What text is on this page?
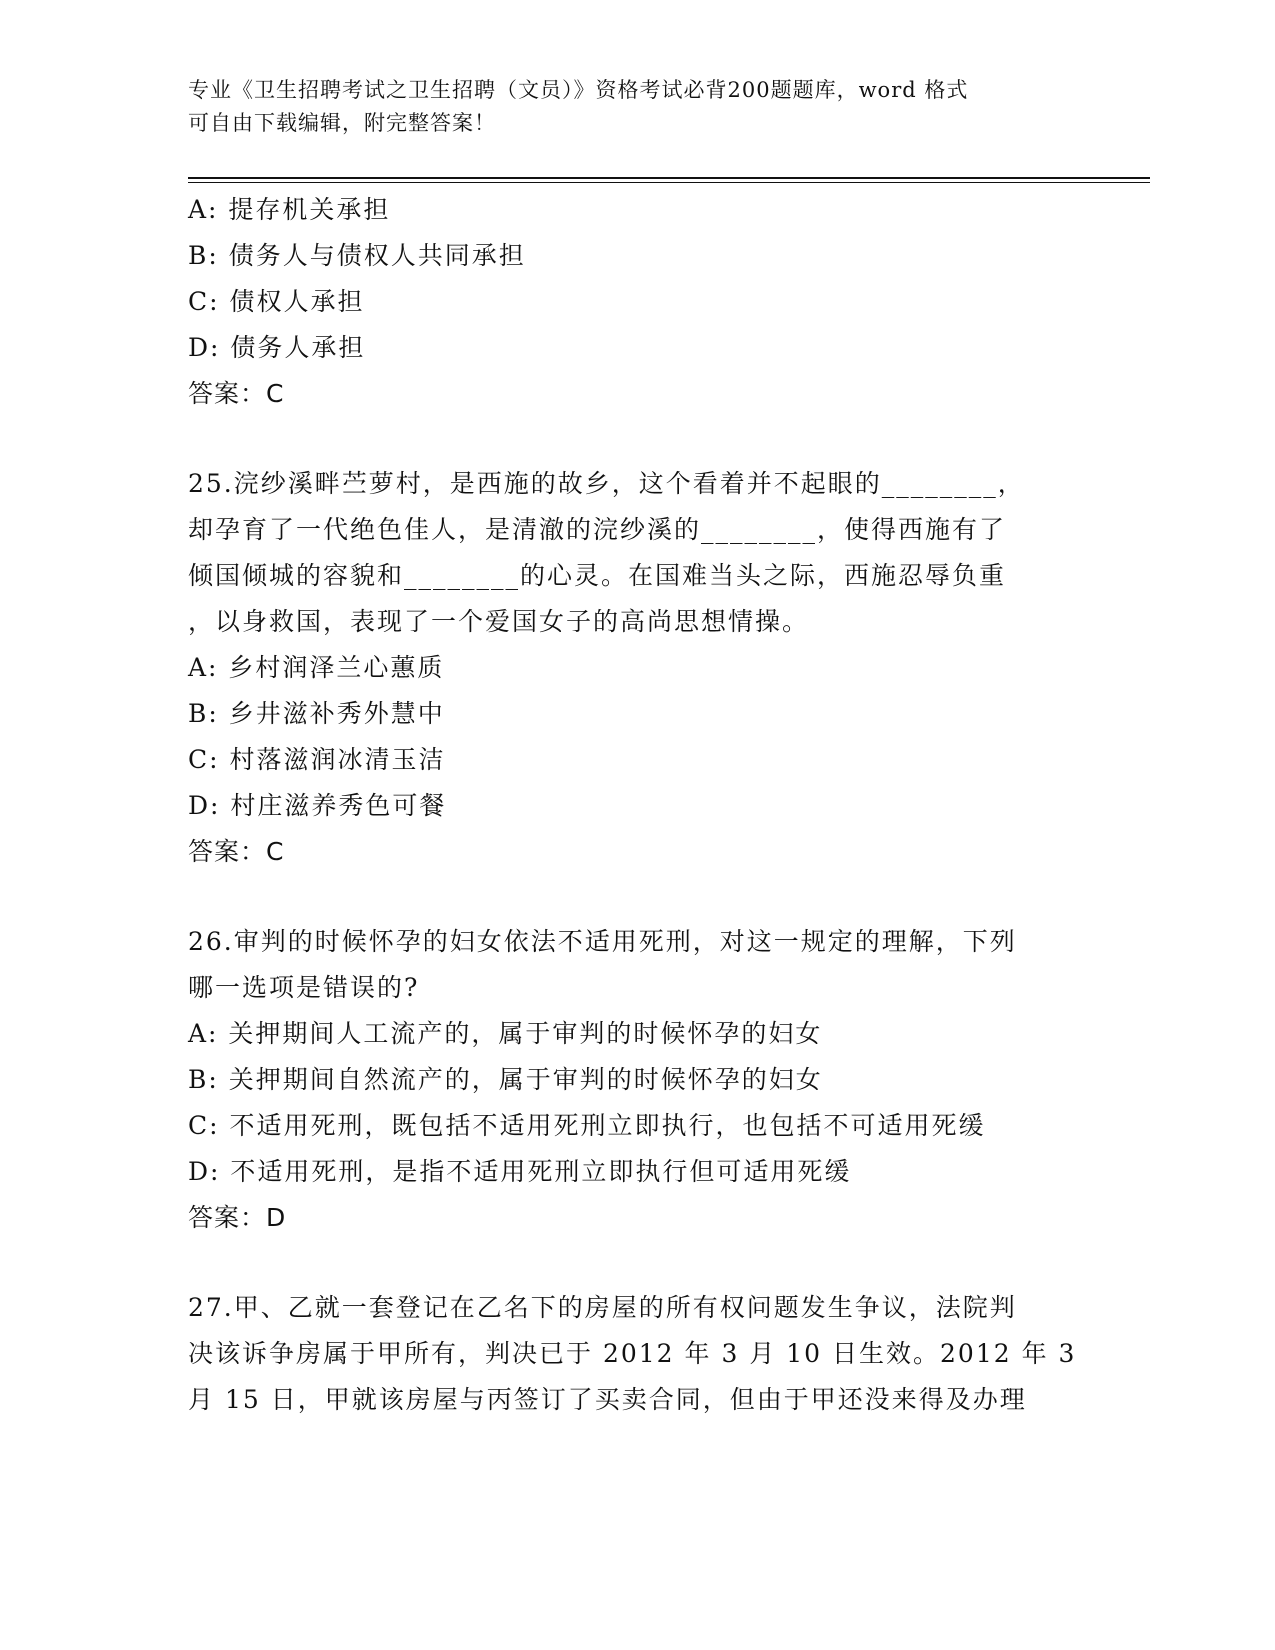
专业《卫生招聘考试之卫生招聘（文员）》资格考试必背200题题库，word 格式
可自由下载编辑，附完整答案！
A: 提存机关承担
B: 债务人与债权人共同承担
C: 债权人承担
D: 债务人承担
答案：C
25.浣纱溪畔苎萝村，是西施的故乡，这个看着并不起眼的________，
却孕育了一代绝色佳人，是清澈的浣纱溪的________，使得西施有了
倾国倾城的容貌和________的心灵。在国难当头之际，西施忍辱负重
，以身救国，表现了一个爱国女子的高尚思想情操。
A: 乡村润泽兰心蕙质
B: 乡井滋补秀外慧中
C: 村落滋润冰清玉洁
D: 村庄滋养秀色可餐
答案：C
26.审判的时候怀孕的妇女依法不适用死刑，对这一规定的理解，下列
哪一选项是错误的?
A: 关押期间人工流产的，属于审判的时候怀孕的妇女
B: 关押期间自然流产的，属于审判的时候怀孕的妇女
C: 不适用死刑，既包括不适用死刑立即执行，也包括不可适用死缓
D: 不适用死刑，是指不适用死刑立即执行但可适用死缓
答案：D
27.甲、乙就一套登记在乙名下的房屋的所有权问题发生争议，法院判
决该诉争房属于甲所有，判决已于 2012 年 3 月 10 日生效。2012 年 3
月 15 日，甲就该房屋与丙签订了买卖合同，但由于甲还没来得及办理
